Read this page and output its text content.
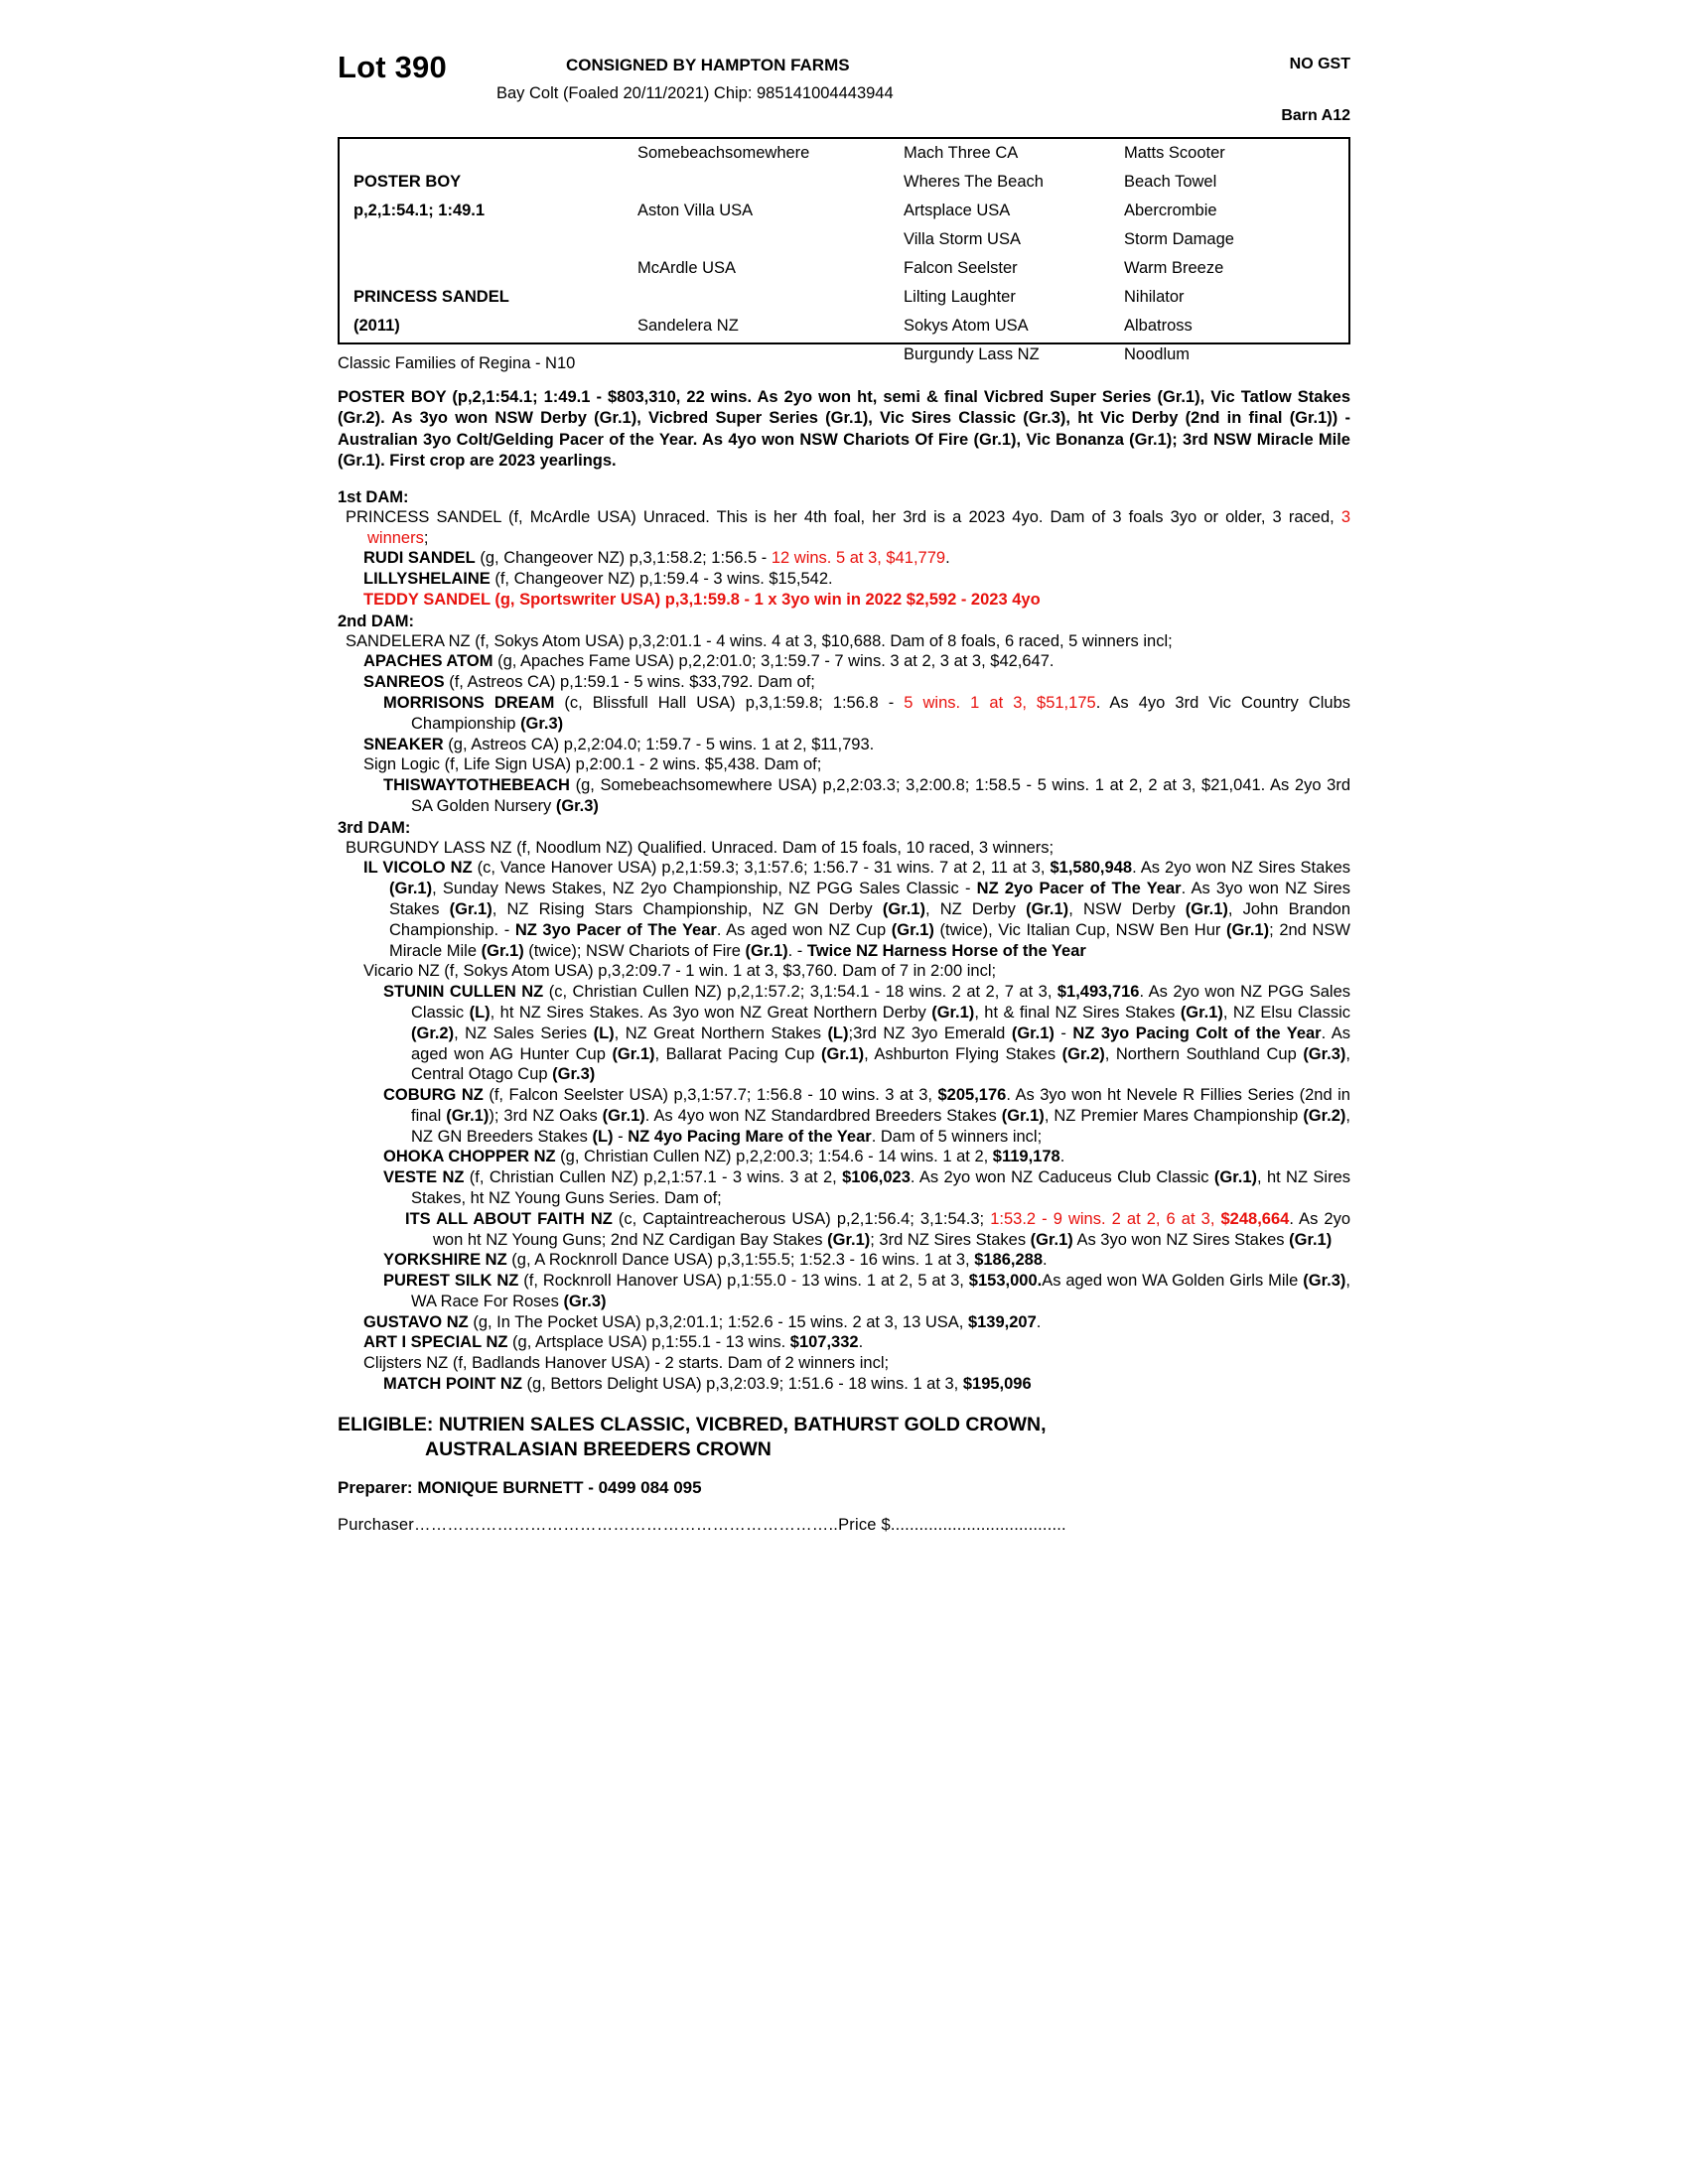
Lot 390	CONSIGNED BY HAMPTON FARMS	NO GST
Bay Colt (Foaled 20/11/2021) Chip: 985141004443944
Barn A12
POSTER BOY
p,2,1:54.1; 1:49.1
PRINCESS SANDEL
(2011)
Somebeachsomewhere
Aston Villa USA
McArdle USA
Sandelera NZ
Mach Three CA
Wheres The Beach
Artsplace USA
Villa Storm USA
Falcon Seelster
Lilting Laughter
Sokys Atom USA
Burgundy Lass NZ
Matts Scooter
Beach Towel
Abercrombie
Storm Damage
Warm Breeze
Nihilator
Albatross
Noodlum
Classic Families of Regina - N10
POSTER BOY (p,2,1:54.1; 1:49.1 - $803,310, 22 wins. As 2yo won ht, semi & final Vicbred Super Series (Gr.1), Vic Tatlow Stakes (Gr.2). As 3yo won NSW Derby (Gr.1), Vicbred Super Series (Gr.1), Vic Sires Classic (Gr.3), ht Vic Derby (2nd in final (Gr.1)) - Australian 3yo Colt/Gelding Pacer of the Year. As 4yo won NSW Chariots Of Fire (Gr.1), Vic Bonanza (Gr.1); 3rd NSW Miracle Mile (Gr.1). First crop are 2023 yearlings.
1st DAM:
PRINCESS SANDEL (f, McArdle USA) Unraced. This is her 4th foal, her 3rd is a 2023 4yo. Dam of 3 foals 3yo or older, 3 raced, 3 winners;
RUDI SANDEL (g, Changeover NZ) p,3,1:58.2; 1:56.5 - 12 wins. 5 at 3, $41,779.
LILLYSHELAINE (f, Changeover NZ) p,1:59.4 - 3 wins. $15,542.
TEDDY SANDEL (g, Sportswriter USA) p,3,1:59.8 - 1 x 3yo win in 2022 $2,592 - 2023 4yo
2nd DAM:
SANDELERA NZ (f, Sokys Atom USA) p,3,2:01.1 - 4 wins. 4 at 3, $10,688. Dam of 8 foals, 6 raced, 5 winners incl;
APACHES ATOM (g, Apaches Fame USA) p,2,2:01.0; 3,1:59.7 - 7 wins. 3 at 2, 3 at 3, $42,647.
SANREOS (f, Astreos CA) p,1:59.1 - 5 wins. $33,792. Dam of;
MORRISONS DREAM (c, Blissfull Hall USA) p,3,1:59.8; 1:56.8 - 5 wins. 1 at 3, $51,175. As 4yo 3rd Vic Country Clubs Championship (Gr.3)
SNEAKER (g, Astreos CA) p,2,2:04.0; 1:59.7 - 5 wins. 1 at 2, $11,793.
Sign Logic (f, Life Sign USA) p,2:00.1 - 2 wins. $5,438. Dam of;
THISWAYTOTHEBEACH (g, Somebeachsomewhere USA) p,2,2:03.3; 3,2:00.8; 1:58.5 - 5 wins. 1 at 2, 2 at 3, $21,041. As 2yo 3rd SA Golden Nursery (Gr.3)
3rd DAM:
BURGUNDY LASS NZ (f, Noodlum NZ) Qualified. Unraced. Dam of 15 foals, 10 raced, 3 winners;
IL VICOLO NZ (c, Vance Hanover USA) p,2,1:59.3; 3,1:57.6; 1:56.7 - 31 wins. 7 at 2, 11 at 3, $1,580,948. As 2yo won NZ Sires Stakes (Gr.1), Sunday News Stakes, NZ 2yo Championship, NZ PGG Sales Classic - NZ 2yo Pacer of The Year. As 3yo won NZ Sires Stakes (Gr.1), NZ Rising Stars Championship, NZ GN Derby (Gr.1), NZ Derby (Gr.1), NSW Derby (Gr.1), John Brandon Championship. - NZ 3yo Pacer of The Year. As aged won NZ Cup (Gr.1) (twice), Vic Italian Cup, NSW Ben Hur (Gr.1); 2nd NSW Miracle Mile (Gr.1) (twice); NSW Chariots of Fire (Gr.1). - Twice NZ Harness Horse of the Year
Vicario NZ (f, Sokys Atom USA) p,3,2:09.7 - 1 win. 1 at 3, $3,760. Dam of 7 in 2:00 incl;
STUNIN CULLEN NZ (c, Christian Cullen NZ) p,2,1:57.2; 3,1:54.1 - 18 wins. 2 at 2, 7 at 3, $1,493,716. As 2yo won NZ PGG Sales Classic (L), ht NZ Sires Stakes. As 3yo won NZ Great Northern Derby (Gr.1), ht & final NZ Sires Stakes (Gr.1), NZ Elsu Classic (Gr.2), NZ Sales Series (L), NZ Great Northern Stakes (L);3rd NZ 3yo Emerald (Gr.1) - NZ 3yo Pacing Colt of the Year. As aged won AG Hunter Cup (Gr.1), Ballarat Pacing Cup (Gr.1), Ashburton Flying Stakes (Gr.2), Northern Southland Cup (Gr.3), Central Otago Cup (Gr.3)
COBURG NZ (f, Falcon Seelster USA) p,3,1:57.7; 1:56.8 - 10 wins. 3 at 3, $205,176. As 3yo won ht Nevele R Fillies Series (2nd in final (Gr.1)); 3rd NZ Oaks (Gr.1). As 4yo won NZ Standardbred Breeders Stakes (Gr.1), NZ Premier Mares Championship (Gr.2), NZ GN Breeders Stakes (L) - NZ 4yo Pacing Mare of the Year. Dam of 5 winners incl;
OHOKA CHOPPER NZ (g, Christian Cullen NZ) p,2,2:00.3; 1:54.6 - 14 wins. 1 at 2, $119,178.
VESTE NZ (f, Christian Cullen NZ) p,2,1:57.1 - 3 wins. 3 at 2, $106,023. As 2yo won NZ Caduceus Club Classic (Gr.1), ht NZ Sires Stakes, ht NZ Young Guns Series. Dam of;
ITS ALL ABOUT FAITH NZ (c, Captaintreacherous USA) p,2,1:56.4; 3,1:54.3; 1:53.2 - 9 wins. 2 at 2, 6 at 3, $248,664. As 2yo won ht NZ Young Guns; 2nd NZ Cardigan Bay Stakes (Gr.1); 3rd NZ Sires Stakes (Gr.1) As 3yo won NZ Sires Stakes (Gr.1)
YORKSHIRE NZ (g, A Rocknroll Dance USA) p,3,1:55.5; 1:52.3 - 16 wins. 1 at 3, $186,288.
PUREST SILK NZ (f, Rocknroll Hanover USA) p,1:55.0 - 13 wins. 1 at 2, 5 at 3, $153,000.As aged won WA Golden Girls Mile (Gr.3), WA Race For Roses (Gr.3)
GUSTAVO NZ (g, In The Pocket USA) p,3,2:01.1; 1:52.6 - 15 wins. 2 at 3, 13 USA, $139,207.
ART I SPECIAL NZ (g, Artsplace USA) p,1:55.1 - 13 wins. $107,332.
Clijsters NZ (f, Badlands Hanover USA) - 2 starts. Dam of 2 winners incl;
MATCH POINT NZ (g, Bettors Delight USA) p,3,2:03.9; 1:51.6 - 18 wins. 1 at 3, $195,096
ELIGIBLE: NUTRIEN SALES CLASSIC, VICBRED, BATHURST GOLD CROWN,
AUSTRALASIAN BREEDERS CROWN
Preparer: MONIQUE BURNETT - 0499 084 095
Purchaser…………………………………………………………………..Price $.....................................
